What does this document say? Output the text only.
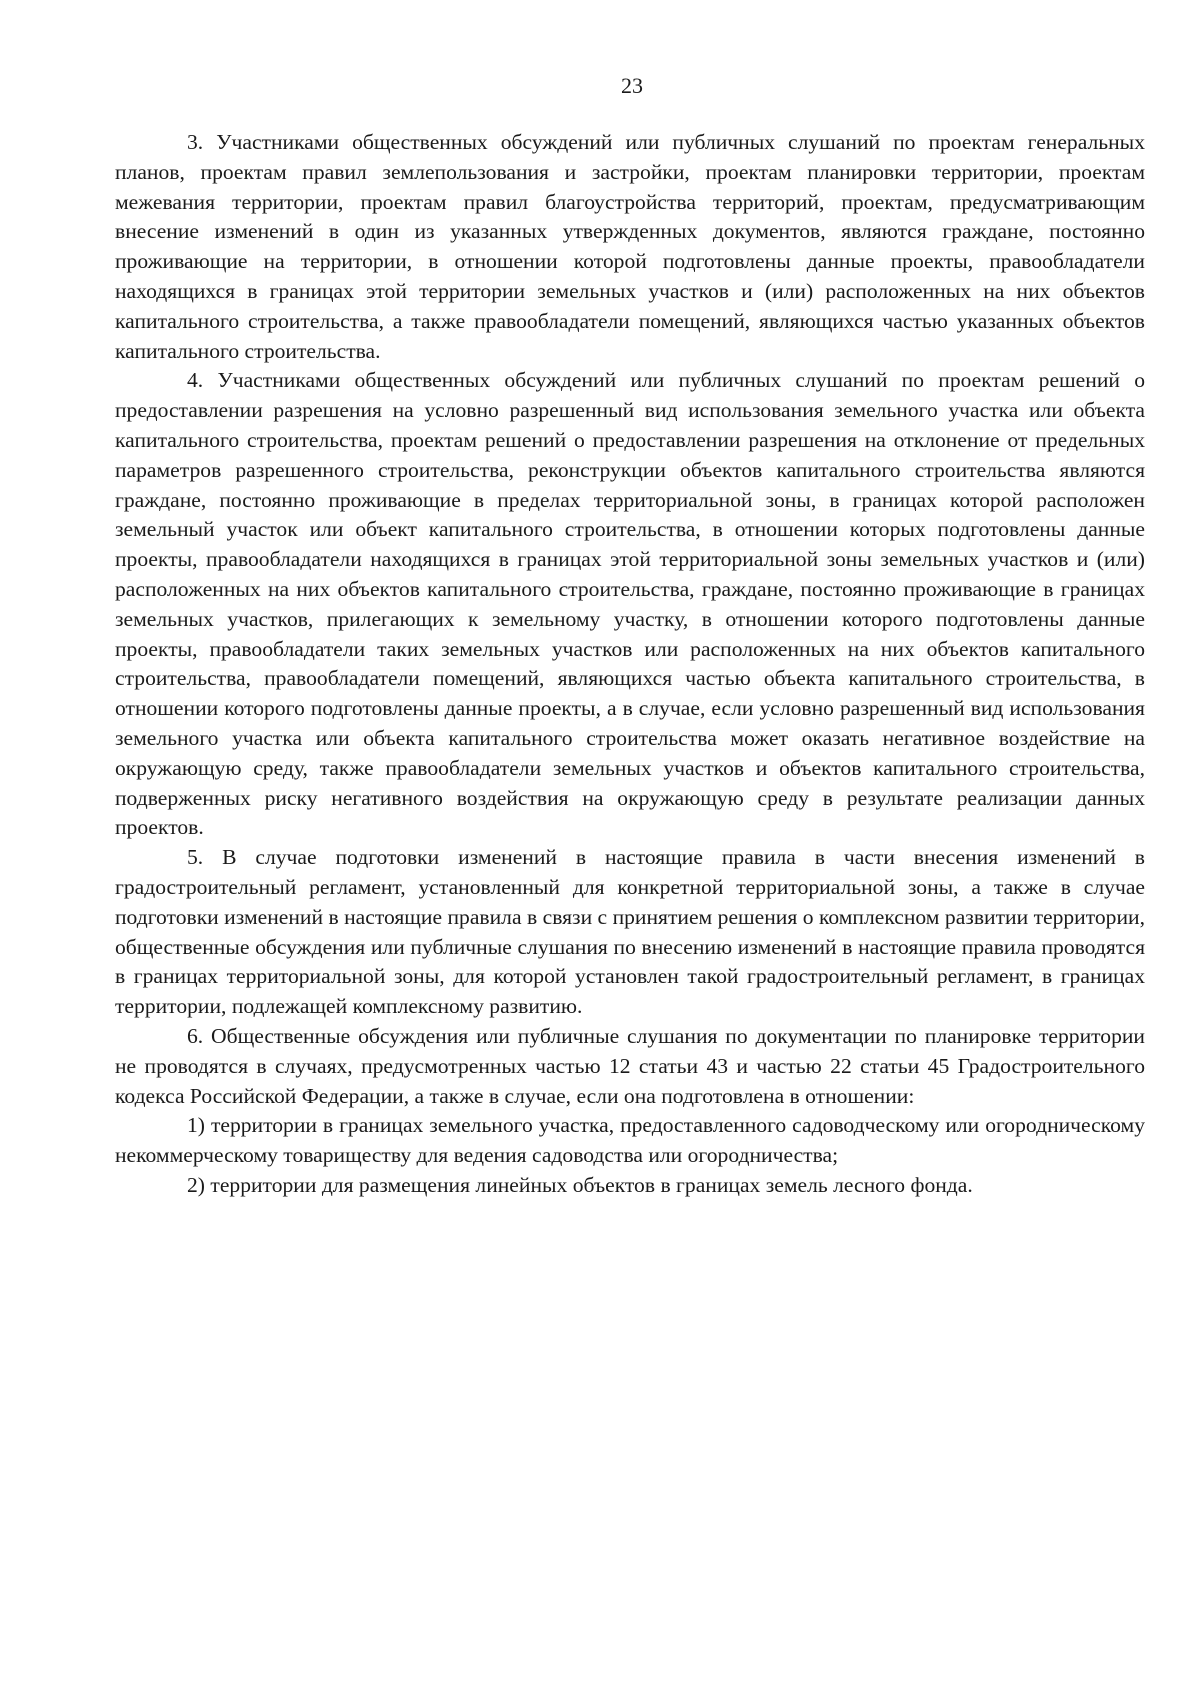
23

3. Участниками общественных обсуждений или публичных слушаний по проектам генеральных планов, проектам правил землепользования и застройки, проектам планировки территории, проектам межевания территории, проектам правил благоустройства территорий, проектам, предусматривающим внесение изменений в один из указанных утвержденных документов, являются граждане, постоянно проживающие на территории, в отношении которой подготовлены данные проекты, правообладатели находящихся в границах этой территории земельных участков и (или) расположенных на них объектов капитального строительства, а также правообладатели помещений, являющихся частью указанных объектов капитального строительства.

4. Участниками общественных обсуждений или публичных слушаний по проектам решений о предоставлении разрешения на условно разрешенный вид использования земельного участка или объекта капитального строительства, проектам решений о предоставлении разрешения на отклонение от предельных параметров разрешенного строительства, реконструкции объектов капитального строительства являются граждане, постоянно проживающие в пределах территориальной зоны, в границах которой расположен земельный участок или объект капитального строительства, в отношении которых подготовлены данные проекты, правообладатели находящихся в границах этой территориальной зоны земельных участков и (или) расположенных на них объектов капитального строительства, граждане, постоянно проживающие в границах земельных участков, прилегающих к земельному участку, в отношении которого подготовлены данные проекты, правообладатели таких земельных участков или расположенных на них объектов капитального строительства, правообладатели помещений, являющихся частью объекта капитального строительства, в отношении которого подготовлены данные проекты, а в случае, если условно разрешенный вид использования земельного участка или объекта капитального строительства может оказать негативное воздействие на окружающую среду, также правообладатели земельных участков и объектов капитального строительства, подверженных риску негативного воздействия на окружающую среду в результате реализации данных проектов.

5. В случае подготовки изменений в настоящие правила в части внесения изменений в градостроительный регламент, установленный для конкретной территориальной зоны, а также в случае подготовки изменений в настоящие правила в связи с принятием решения о комплексном развитии территории, общественные обсуждения или публичные слушания по внесению изменений в настоящие правила проводятся в границах территориальной зоны, для которой установлен такой градостроительный регламент, в границах территории, подлежащей комплексному развитию.

6. Общественные обсуждения или публичные слушания по документации по планировке территории не проводятся в случаях, предусмотренных частью 12 статьи 43 и частью 22 статьи 45 Градостроительного кодекса Российской Федерации, а также в случае, если она подготовлена в отношении:

1) территории в границах земельного участка, предоставленного садоводческому или огородническому некоммерческому товариществу для ведения садоводства или огородничества;

2) территории для размещения линейных объектов в границах земель лесного фонда.
